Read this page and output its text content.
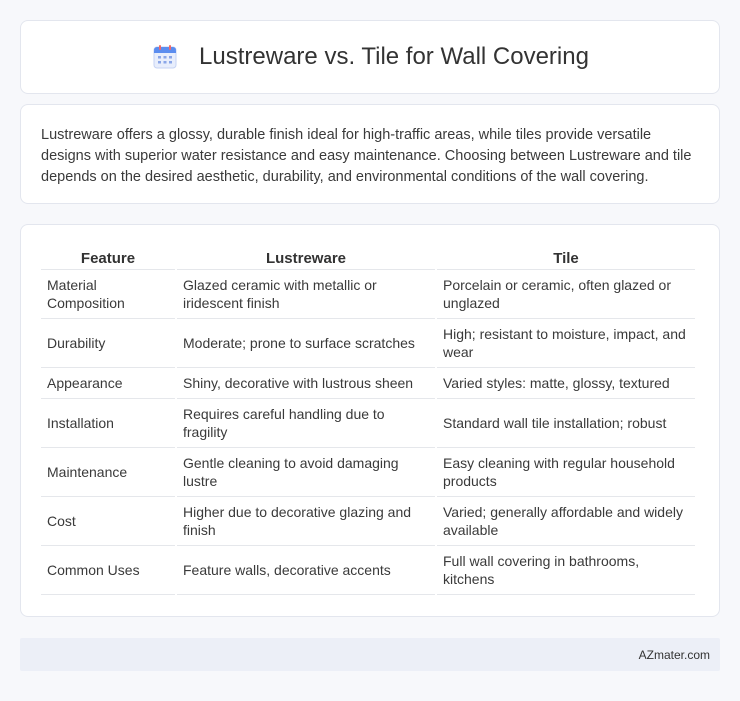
Lustreware vs. Tile for Wall Covering

Lustreware offers a glossy, durable finish ideal for high-traffic areas, while tiles provide versatile designs with superior water resistance and easy maintenance. Choosing between Lustreware and tile depends on the desired aesthetic, durability, and environmental conditions of the wall covering.

Feature	Lustreware	Tile
Material Composition	Glazed ceramic with metallic or iridescent finish	Porcelain or ceramic, often glazed or unglazed
Durability	Moderate; prone to surface scratches	High; resistant to moisture, impact, and wear
Appearance	Shiny, decorative with lustrous sheen	Varied styles: matte, glossy, textured
Installation	Requires careful handling due to fragility	Standard wall tile installation; robust
Maintenance	Gentle cleaning to avoid damaging lustre	Easy cleaning with regular household products
Cost	Higher due to decorative glazing and finish	Varied; generally affordable and widely available
Common Uses	Feature walls, decorative accents	Full wall covering in bathrooms, kitchens
AZmater.com
